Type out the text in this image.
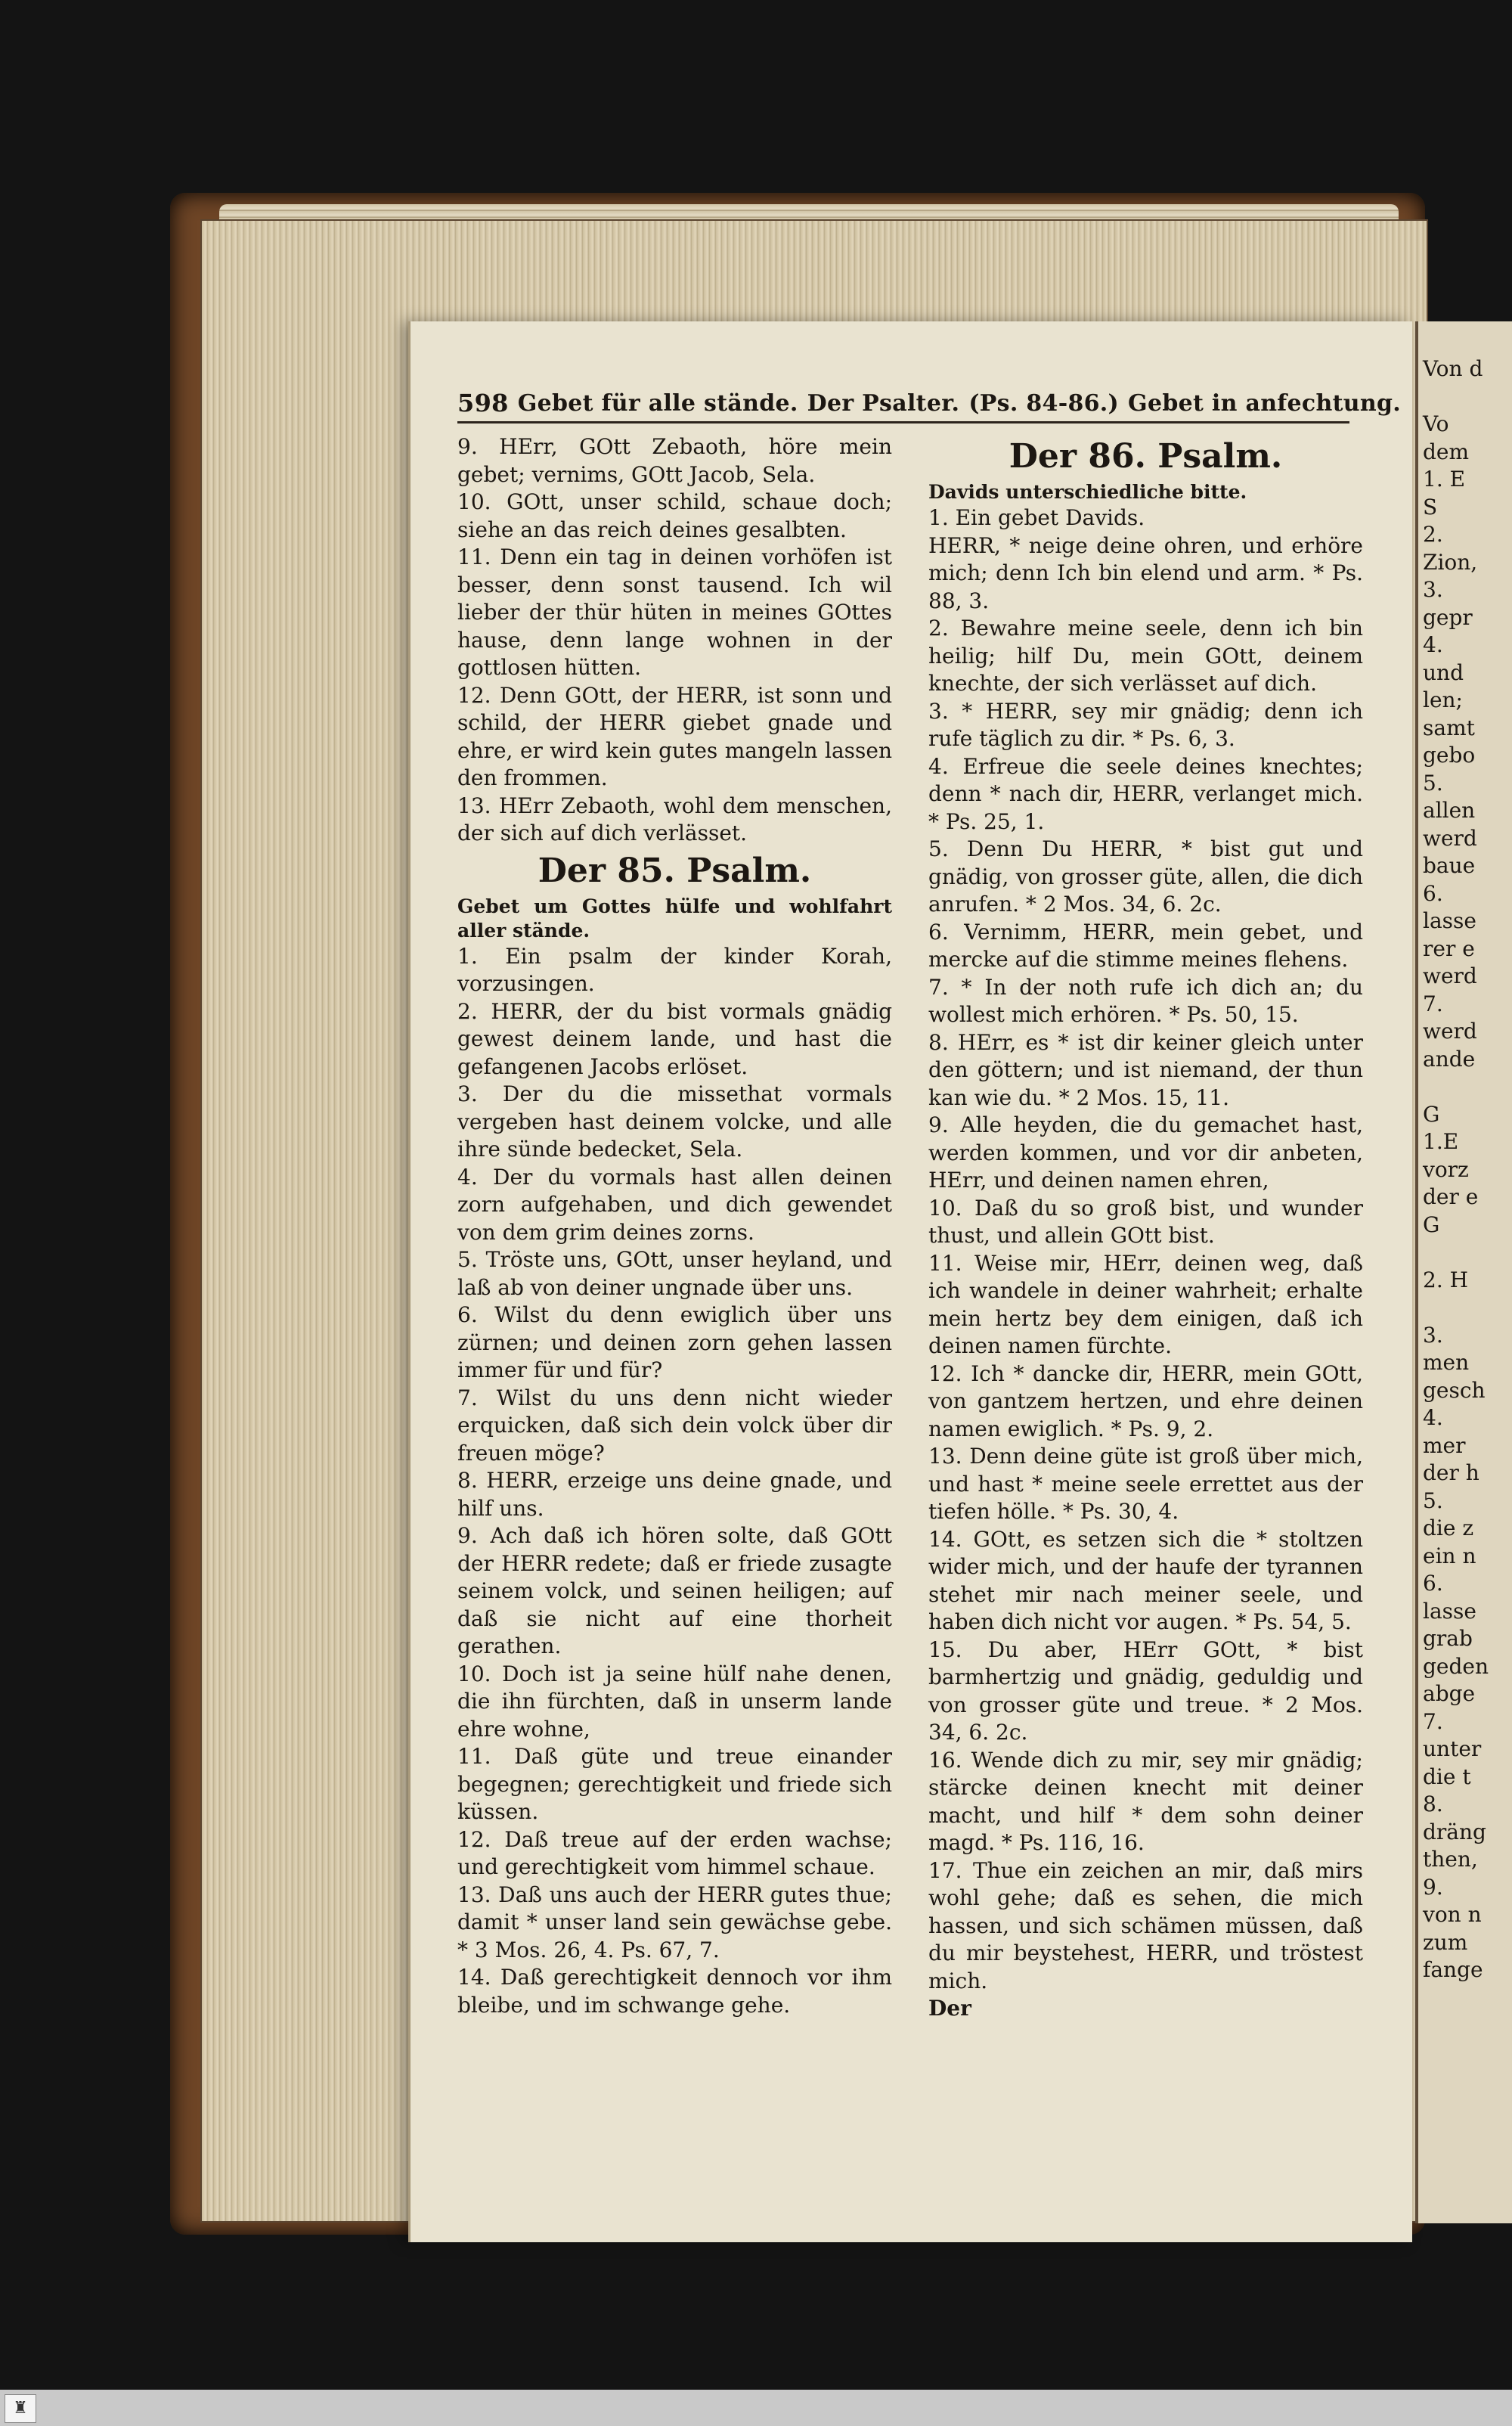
598 Gebet für alle stände. Der Psalter. (Ps. 84-86.) Gebet in anfechtung.

9. HErr, GOtt Zebaoth, höre mein gebet; vernims, GOtt Jacob, Sela.

10. GOtt, unser schild, schaue doch; siehe an das reich deines gesalbten.

11. Denn ein tag in deinen vorhöfen ist besser, denn sonst tausend. Ich wil lieber der thür hüten in meines GOttes hause, denn lange wohnen in der gottlosen hütten.

12. Denn GOtt, der HERR, ist sonn und schild, der HERR giebet gnade und ehre, er wird kein gutes mangeln lassen den frommen.

13. HErr Zebaoth, wohl dem menschen, der sich auf dich verlässet.

Der 85. Psalm.

Gebet um Gottes hülfe und wohlfahrt aller stände.

1. Ein psalm der kinder Korah, vorzusingen.

2. HERR, der du bist vormals gnädig gewest deinem lande, und hast die gefangenen Jacobs erlöset.

3. Der du die missethat vormals vergeben hast deinem volcke, und alle ihre sünde bedecket, Sela.

4. Der du vormals hast allen deinen zorn aufgehaben, und dich gewendet von dem grim deines zorns.

5. Tröste uns, GOtt, unser heyland, und laß ab von deiner ungnade über uns.

6. Wilst du denn ewiglich über uns zürnen; und deinen zorn gehen lassen immer für und für?

7. Wilst du uns denn nicht wieder erquicken, daß sich dein volck über dir freuen möge?

8. HERR, erzeige uns deine gnade, und hilf uns.

9. Ach daß ich hören solte, daß GOtt der HERR redete; daß er friede zusagte seinem volck, und seinen heiligen; auf daß sie nicht auf eine thorheit gerathen.

10. Doch ist ja seine hülf nahe denen, die ihn fürchten, daß in unserm lande ehre wohne,

11. Daß güte und treue einander begegnen; gerechtigkeit und friede sich küssen.

12. Daß treue auf der erden wachse; und gerechtigkeit vom himmel schaue.

13. Daß uns auch der HERR gutes thue; damit * unser land sein gewächse gebe. * 3 Mos. 26, 4. Ps. 67, 7.

14. Daß gerechtigkeit dennoch vor ihm bleibe, und im schwange gehe.

Der 86. Psalm.

Davids unterschiedliche bitte.

1. Ein gebet Davids.

HERR, * neige deine ohren, und erhöre mich; denn Ich bin elend und arm. * Ps. 88, 3.

2. Bewahre meine seele, denn ich bin heilig; hilf Du, mein GOtt, deinem knechte, der sich verlässet auf dich.

3. * HERR, sey mir gnädig; denn ich rufe täglich zu dir. * Ps. 6, 3.

4. Erfreue die seele deines knechtes; denn * nach dir, HERR, verlanget mich. * Ps. 25, 1.

5. Denn Du HERR, * bist gut und gnädig, von grosser güte, allen, die dich anrufen. * 2 Mos. 34, 6. 2c.

6. Vernimm, HERR, mein gebet, und mercke auf die stimme meines flehens.

7. * In der noth rufe ich dich an; du wollest mich erhören. * Ps. 50, 15.

8. HErr, es * ist dir keiner gleich unter den göttern; und ist niemand, der thun kan wie du. * 2 Mos. 15, 11.

9. Alle heyden, die du gemachet hast, werden kommen, und vor dir anbeten, HErr, und deinen namen ehren,

10. Daß du so groß bist, und wunder thust, und allein GOtt bist.

11. Weise mir, HErr, deinen weg, daß ich wandele in deiner wahrheit; erhalte mein hertz bey dem einigen, daß ich deinen namen fürchte.

12. Ich * dancke dir, HERR, mein GOtt, von gantzem hertzen, und ehre deinen namen ewiglich. * Ps. 9, 2.

13. Denn deine güte ist groß über mich, und hast * meine seele errettet aus der tiefen hölle. * Ps. 30, 4.

14. GOtt, es setzen sich die * stoltzen wider mich, und der haufe der tyrannen stehet mir nach meiner seele, und haben dich nicht vor augen. * Ps. 54, 5.

15. Du aber, HErr GOtt, * bist barmhertzig und gnädig, geduldig und von grosser güte und treue. * 2 Mos. 34, 6. 2c.

16. Wende dich zu mir, sey mir gnädig; stärcke deinen knecht mit deiner macht, und hilf * dem sohn deiner magd. * Ps. 116, 16.

17. Thue ein zeichen an mir, daß mirs wohl gehe; daß es sehen, die mich hassen, und sich schämen müssen, daß du mir beystehest, HERR, und tröstest mich.

Der

Von d

Vo
dem
1. E
S
2.
Zion,
3.
gepr
4.
und
len;
samt
gebo
5.
allen
werd
baue
6.
lasse
rer e
werd
7.
werd
ande

G
1.E
vorz
der e
G

2. H

3.
men
gesch
4.
mer
der h
5.
die z
ein n
6.
lasse
grab
geden
abge
7.
unter
die t
8.
dräng
then,
9.
von n
zum
fange
♜
